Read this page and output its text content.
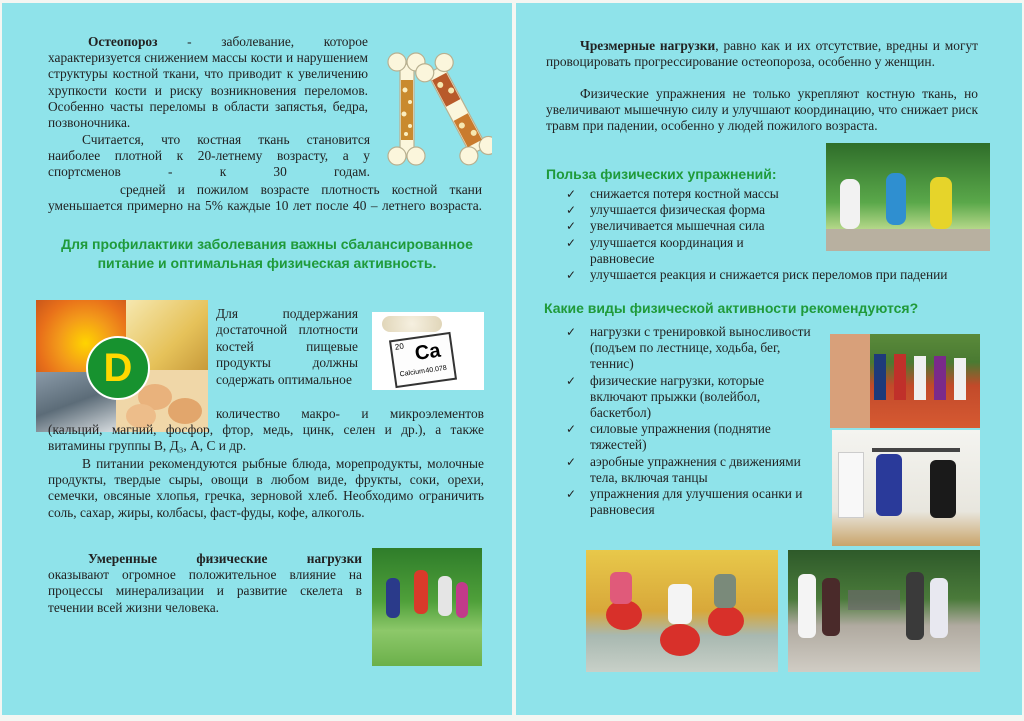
Остеопороз - заболевание, которое характеризуется снижением массы кости и нарушением структуры костной ткани, что приводит к увеличению хрупкости кости и риску возникновения переломов. Особенно часты переломы в области запястья, бедра, позвоночника.

Считается, что костная ткань становится наиболее плотной к 20-летнему возрасту, а у спортсменов - к 30 годам.

средней и пожилом возрасте плотность костной ткани уменьшается примерно на 5% каждые 10 лет после 40 – летнего возраста.

Для профилактики заболевания важны сбалансированное питание и оптимальная физическая активность.

D

Для поддержания достаточной плотности костей пищевые продукты должны содержать оптимальное

20 Ca
Calcium 40.078

количество макро- и микроэлементов (кальций, магний, фосфор, фтор, медь, цинк, селен и др.), а также витамины группы В, Д₃, А, С и др.

В питании рекомендуются рыбные блюда, морепродукты, молочные продукты, твердые сыры, овощи в любом виде, фрукты, соки, орехи, семечки, овсяные хлопья, гречка, зерновой хлеб. Необходимо ограничить соль, сахар, жиры, колбасы, фаст-фуды, кофе, алкоголь.

Умеренные физические нагрузки оказывают огромное положительное влияние на процессы минерализации и развитие скелета в течении всей жизни человека.

Чрезмерные нагрузки, равно как и их отсутствие, вредны и могут провоцировать прогрессирование остеопороза, особенно у женщин.

Физические упражнения не только укрепляют костную ткань, но увеличивают мышечную силу и улучшают координацию, что снижает риск травм при падении, особенно у людей пожилого возраста.

Польза физических упражнений:

✓ снижается потеря костной массы
✓ улучшается физическая форма
✓ увеличивается мышечная сила
✓ улучшается координация и равновесие
✓ улучшается реакция и снижается риск переломов при падении

Какие виды физической активности рекомендуются?

✓ нагрузки с тренировкой выносливости (подъем по лестнице, ходьба, бег, теннис)
✓ физические нагрузки, которые включают прыжки (волейбол, баскетбол)
✓ силовые упражнения (поднятие тяжестей)
✓ аэробные упражнения с движениями тела, включая танцы
✓ упражнения для улучшения осанки и равновесия
